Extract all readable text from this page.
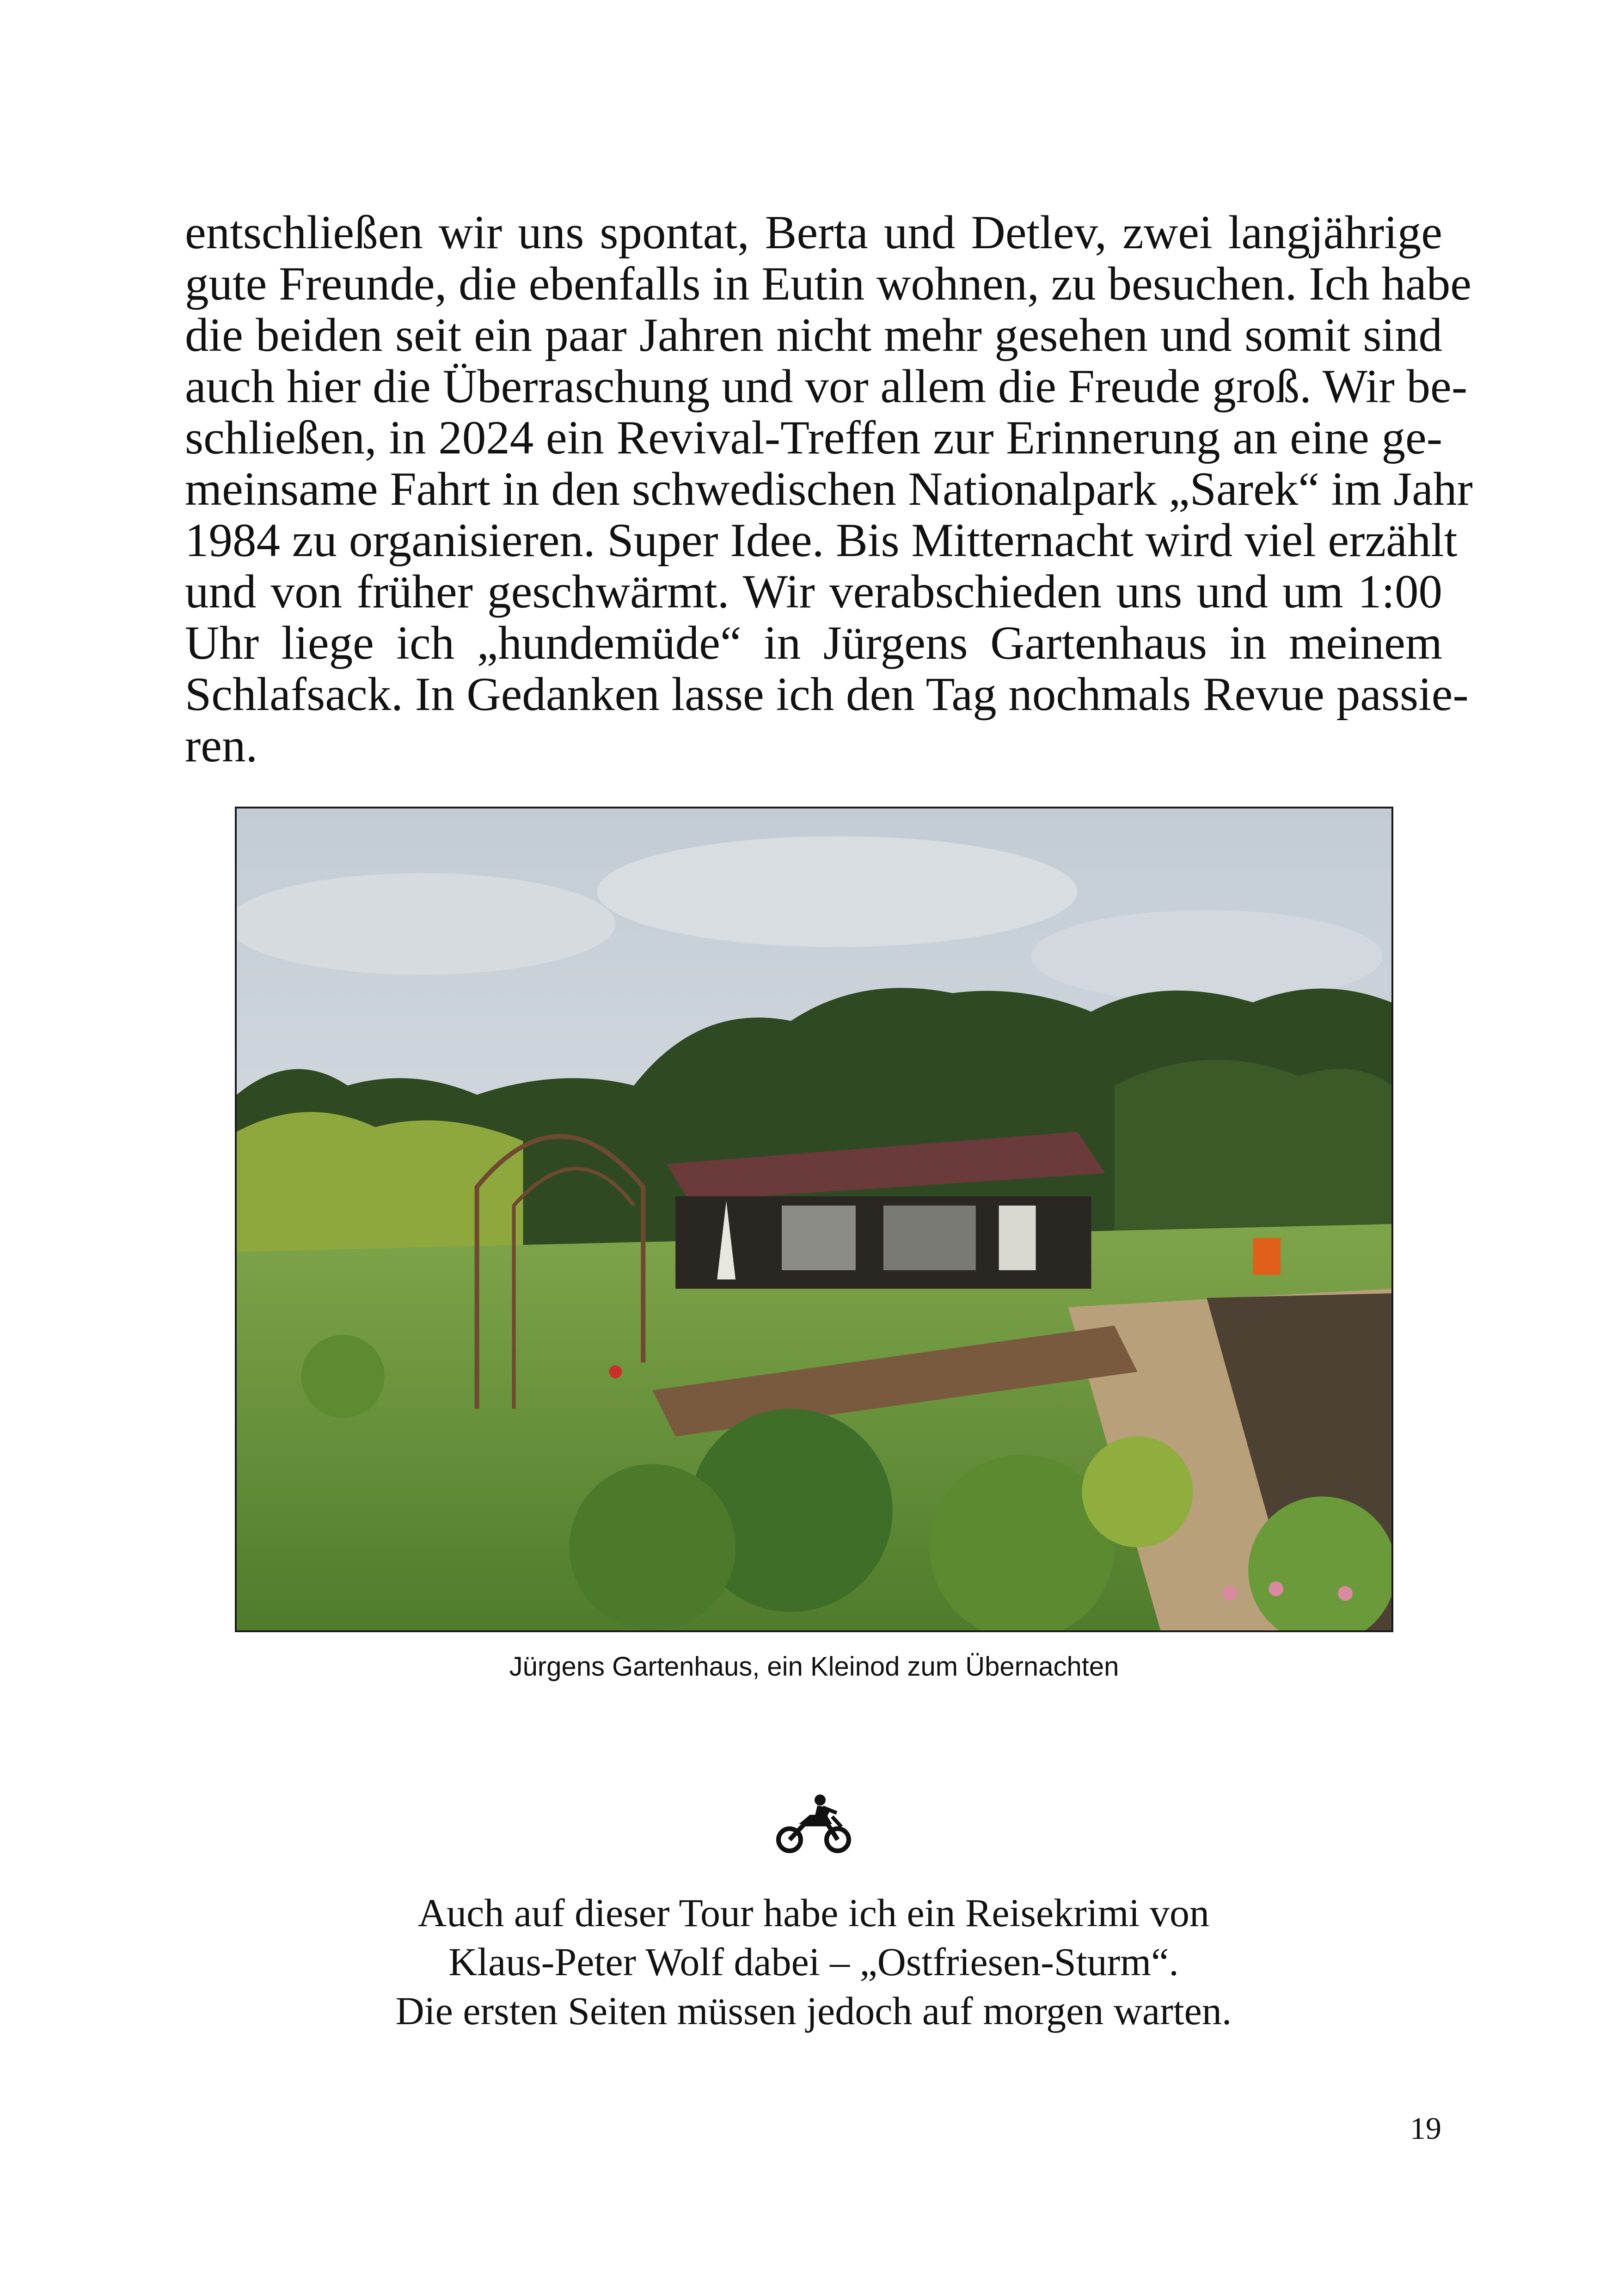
entschließen wir uns spontat, Berta und Detlev, zwei langjährige
gute Freunde, die ebenfalls in Eutin wohnen, zu besuchen. Ich habe
die beiden seit ein paar Jahren nicht mehr gesehen und somit sind
auch hier die Überraschung und vor allem die Freude groß. Wir be-
schließen, in 2024 ein Revival-Treffen zur Erinnerung an eine ge-
meinsame Fahrt in den schwedischen Nationalpark „Sarek“ im Jahr
1984 zu organisieren. Super Idee. Bis Mitternacht wird viel erzählt
und von früher geschwärmt. Wir verabschieden uns und um 1:00
Uhr liege ich „hundemüde“ in Jürgens Gartenhaus in meinem
Schlafsack. In Gedanken lasse ich den Tag nochmals Revue passie-
ren.
Jürgens Gartenhaus, ein Kleinod zum Übernachten
Auch auf dieser Tour habe ich ein Reisekrimi von
Klaus-Peter Wolf dabei – „Ostfriesen-Sturm“.
Die ersten Seiten müssen jedoch auf morgen warten.
19
